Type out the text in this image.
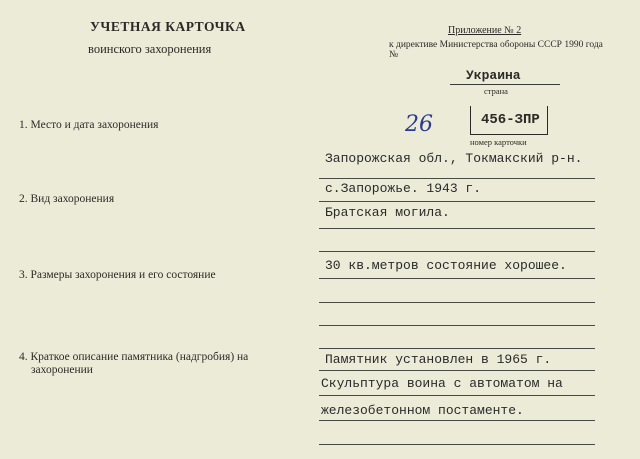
УЧЕТНАЯ КАРТОЧКА
воинского захоронения
Приложение № 2
к директиве Министерства обороны СССР 1990 года №
Украина
страна
26	456-ЗПР
номер карточки
1. Место и дата захоронения
Запорожская обл., Токмакский р-н.
с.Запорожье. 1943 г.
2. Вид захоронения
Братская могила.
30 кв.метров состояние хорошее.
3. Размеры захоронения и его состояние
4. Краткое описание памятника (надгробия) на
захоронении
Памятник установлен в 1965 г.
Скульптура воина с автоматом на
железобетонном постаменте.
